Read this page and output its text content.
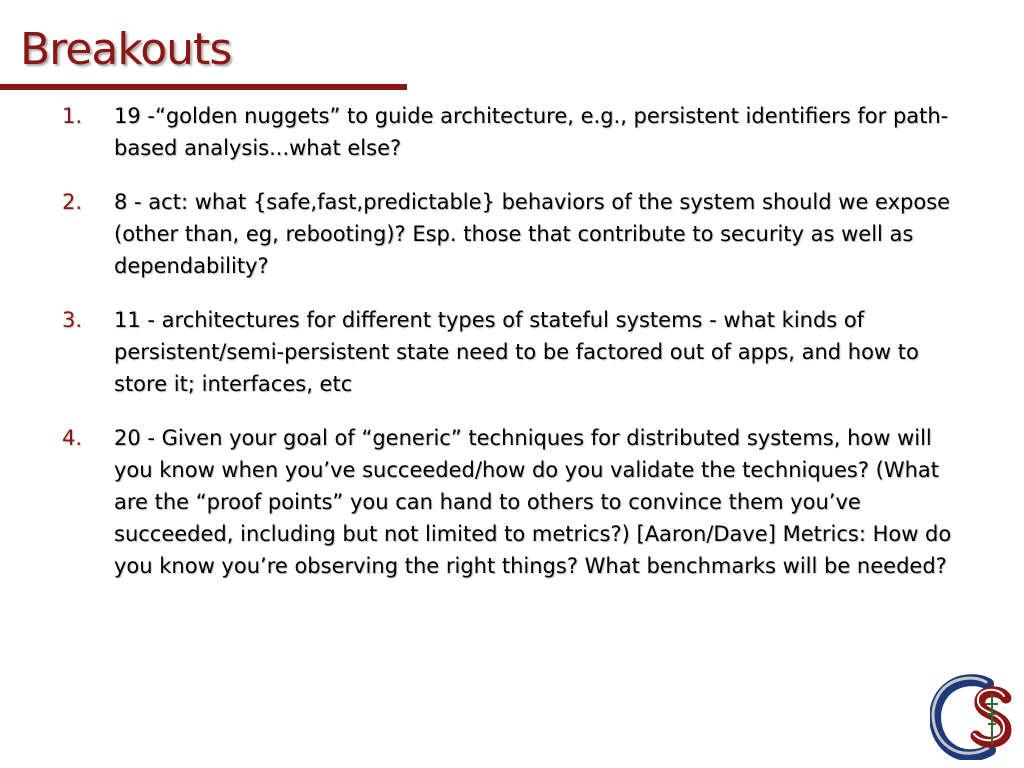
Breakouts
1. 19 -“golden nuggets” to guide architecture, e.g., persistent identifiers for path-based analysis...what else?
2. 8 - act: what {safe,fast,predictable} behaviors of the system should we expose (other than, eg, rebooting)? Esp. those that contribute to security as well as dependability?
3. 11 - architectures for different types of stateful systems - what kinds of persistent/semi-persistent state need to be factored out of apps, and how to store it; interfaces, etc
4. 20 - Given your goal of “generic” techniques for distributed systems, how will you know when you’ve succeeded/how do you validate the techniques? (What are the “proof points” you can hand to others to convince them you’ve succeeded, including but not limited to metrics?) [Aaron/Dave] Metrics: How do you know you’re observing the right things? What benchmarks will be needed?
